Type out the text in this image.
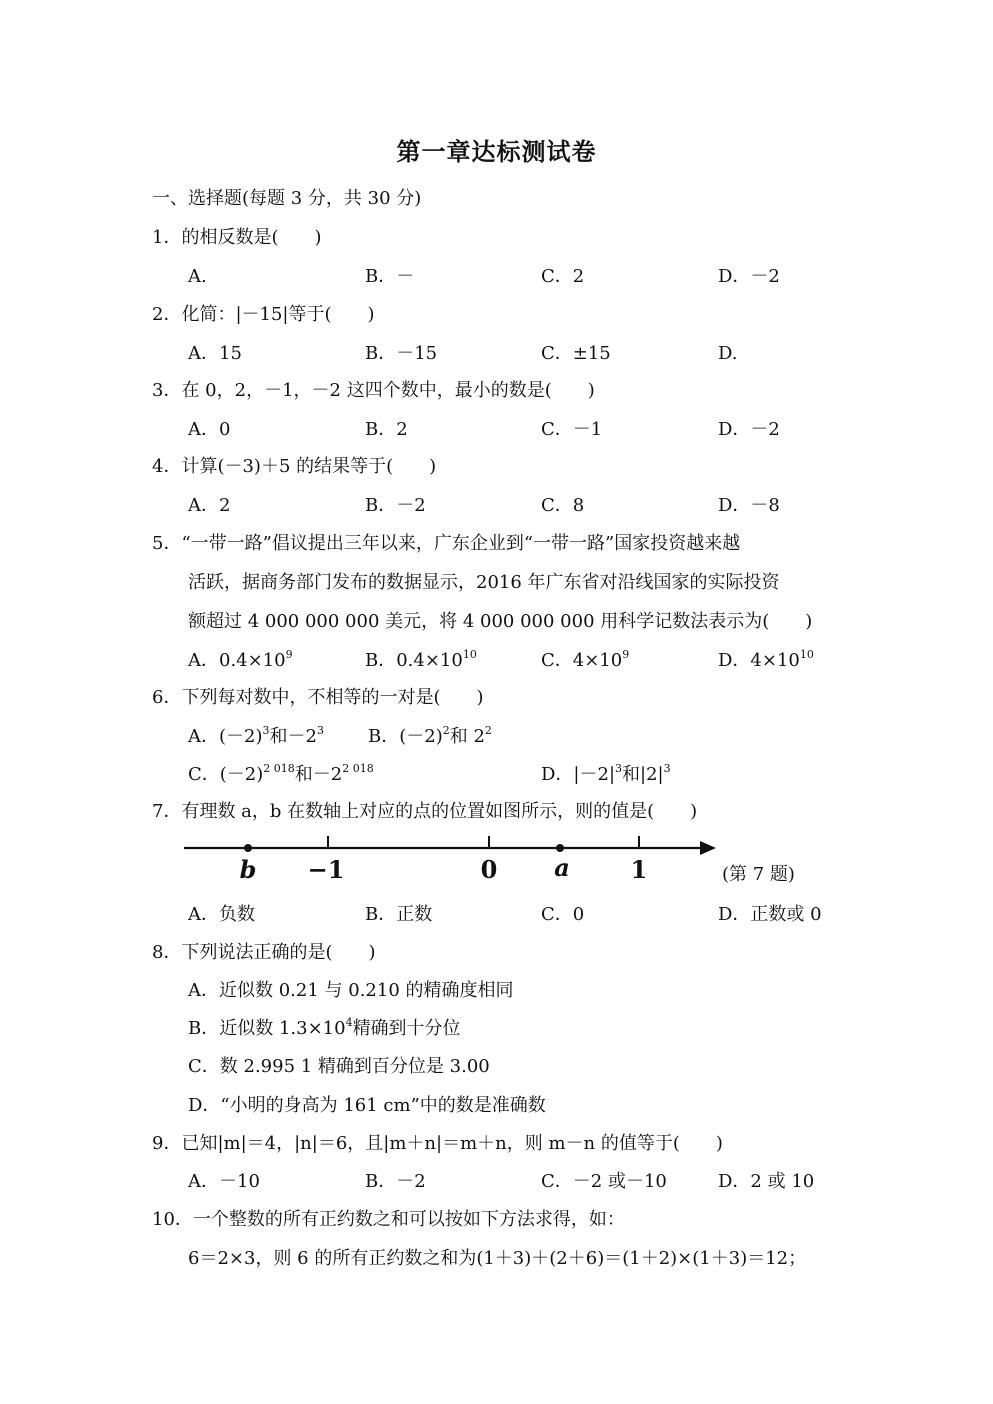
第一章达标测试卷
一、选择题(每题 3 分，共 30 分)
1．的相反数是(　　)
A.	B．－	C．2	D．－2
2．化简：|－15|等于(　　)
A．15	B．－15	C．±15	D.
3．在 0，2，－1，－2 这四个数中，最小的数是(　　)
A．0	B．2	C．－1	D．－2
4．计算(－3)＋5 的结果等于(　　)
A．2	B．－2	C．8	D．－8
5．“一带一路”倡议提出三年以来，广东企业到“一带一路”国家投资越来越
活跃，据商务部门发布的数据显示，2016 年广东省对沿线国家的实际投资
额超过 4 000 000 000 美元，将 4 000 000 000 用科学记数法表示为(　　)
A．$0.4\times 10^9$	B．$0.4\times 10^{10}$	C．$4\times 10^9$	D．$4\times 10^{10}$
6．下列每对数中，不相等的一对是(　　)
A．$(-2)^3$和$-2^3$ B．$(-2)^2$和 $2^2$
C．$(-2)^{2 018}$和$-2^{2 018}$	D．$|-2|^3$和$|2|^3$
7．有理数 a，b 在数轴上对应的点的位置如图所示，则的值是(　　)
b −1	0 a	1	(第 7 题)
A．负数	B．正数	C．0	D．正数或 0
8．下列说法正确的是(　　)
A．近似数 0.21 与 0.210 的精确度相同
B．近似数 $1.3\times 10^4$精确到十分位
C．数 2.995 1 精确到百分位是 3.00
D．“小明的身高为 161 cm”中的数是准确数
9．已知|m|＝4，|n|＝6，且|m＋n|＝m＋n，则 m－n 的值等于(　　)
A．－10	B．－2	C．－2 或－10	D．2 或 10
10．一个整数的所有正约数之和可以按如下方法求得，如：
6＝2×3，则 6 的所有正约数之和为(1＋3)＋(2＋6)＝(1＋2)×(1＋3)＝12；
